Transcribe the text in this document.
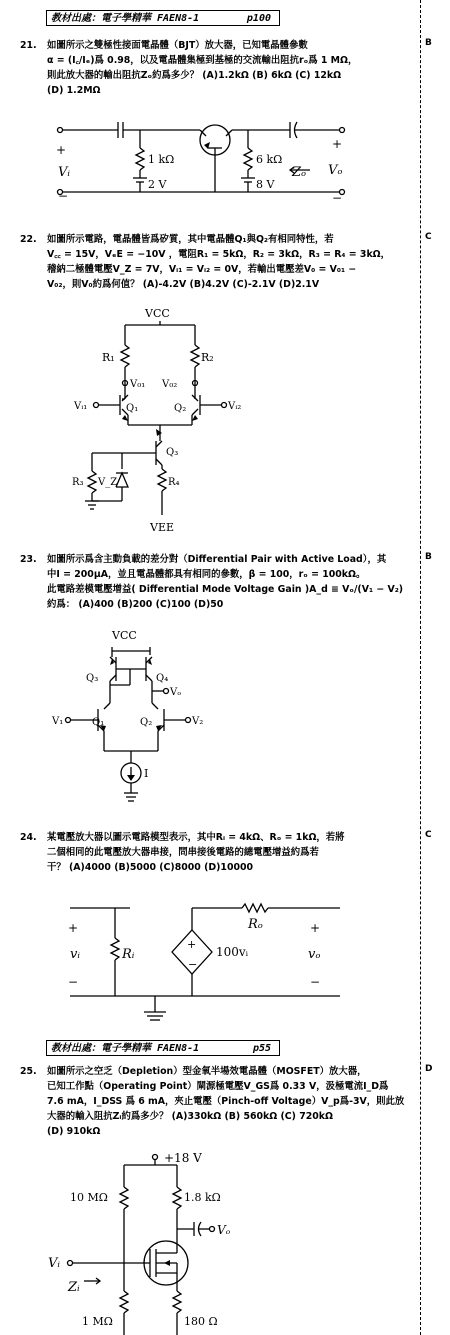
教材出處：電子學精華 FAEN8-1	p100
21. 如圖所示之雙極性接面電晶體（BJT）放大器，已知電晶體參數
α = (I꜀/Iₑ)爲 0.98，以及電晶體集極到基極的交流輸出阻抗rₒ爲 1 MΩ，
則此放大器的輸出阻抗Zₒ約爲多少？ (A)1.2kΩ (B) 6kΩ (C) 12kΩ
(D) 1.2MΩ
B
+
Vᵢ
−
1 kΩ
2 V
6 kΩ
8 V
Zₒ
+
Vₒ
−
22. 如圖所示電路，電晶體皆爲矽質，其中電晶體Q₁與Q₂有相同特性，若
V꜀꜀ = 15V，VₑE = −10V ，電阻R₁ = 5kΩ，R₂ = 3kΩ，R₃ = R₄ = 3kΩ，
稽納二極體電壓V_Z = 7V，Vᵢ₁ = Vᵢ₂ = 0V，若輸出電壓差V₀ = V₀₁ −
V₀₂，則V₀約爲何值？ (A)-4.2V (B)4.2V (C)-2.1V (D)2.1V
C
VCC
R₁	R₂
V₀₁ V₀₂
Vᵢ₁	Vᵢ₂
Q₁	Q₂
Q₃
R₃ V_Z	R₄
VEE
23. 如圖所示爲含主動負載的差分對（Differential Pair with Active Load），其
中I = 200μA，並且電晶體都具有相同的參數，β = 100，rₒ = 100kΩ。
此電路差模電壓增益( Differential Mode Voltage Gain )A_d ≡ Vₒ/(V₁ − V₂)
約爲： (A)400 (B)200 (C)100 (D)50
B
VCC
Q₃	Q₄
Vₒ
V₁	Q₁	Q₂	V₂
I
24. 某電壓放大器以圖示電路模型表示，其中Rᵢ = 4kΩ、Rₒ = 1kΩ，若將
二個相同的此電壓放大器串接，問串接後電路的總電壓增益約爲若
干？ (A)4000 (B)5000 (C)8000 (D)10000
C
+
vᵢ
−
Rᵢ
+
−
100vᵢ
Rₒ	+
vₒ
−
教材出處：電子學精華 FAEN8-1	p55
25. 如圖所示之空乏（Depletion）型金氧半場效電晶體（MOSFET）放大器，
已知工作點（Operating Point）閘源極電壓V_GS爲 0.33 V，汲極電流I_D爲
7.6 mA，I_DSS 爲 6 mA，夾止電壓（Pinch-off Voltage）V_p爲-3V，則此放
大器的輸入阻抗Zᵢ約爲多少？ (A)330kΩ (B) 560kΩ (C) 720kΩ
(D) 910kΩ
D
+18 V
10 MΩ	1.8 kΩ
Vₒ
Vᵢ
Zᵢ
1 MΩ	180 Ω
